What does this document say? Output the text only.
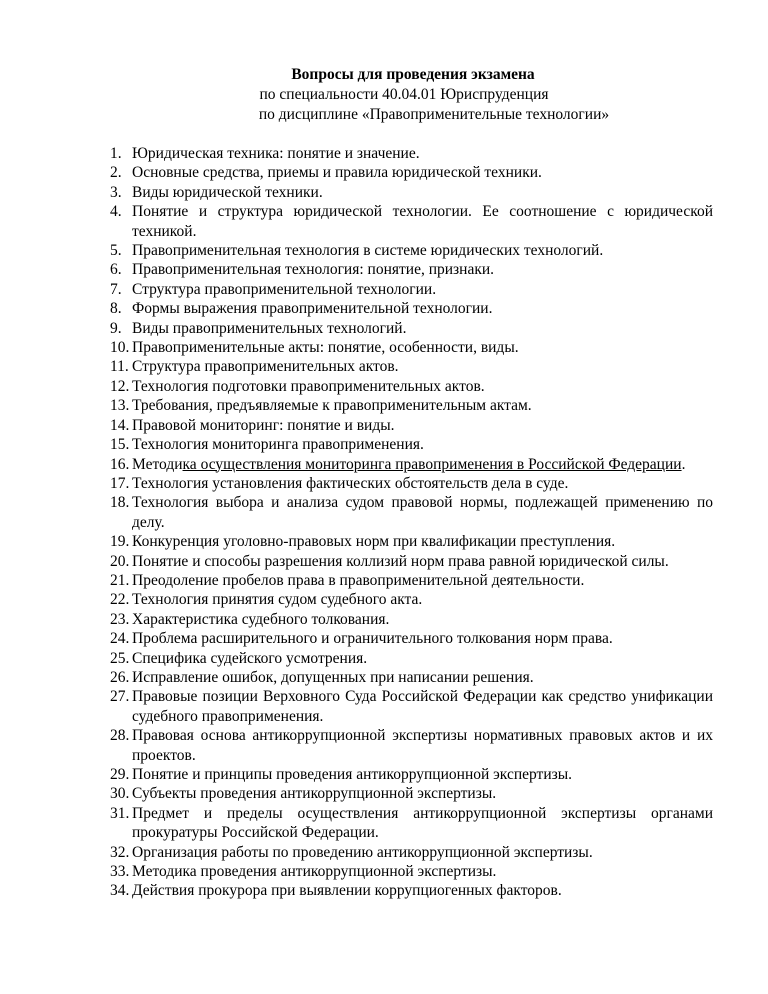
Вопросы для проведения экзамена
по специальности 40.04.01 Юриспруденция
по дисциплине «Правоприменительные технологии»
1. Юридическая техника: понятие и значение.
2. Основные средства, приемы и правила юридической техники.
3. Виды юридической техники.
4. Понятие и структура юридической технологии. Ее соотношение с юридической техникой.
5. Правоприменительная технология в системе юридических технологий.
6. Правоприменительная технология: понятие, признаки.
7. Структура правоприменительной технологии.
8. Формы выражения правоприменительной технологии.
9. Виды правоприменительных технологий.
10. Правоприменительные акты: понятие, особенности, виды.
11. Структура правоприменительных актов.
12. Технология подготовки правоприменительных актов.
13. Требования, предъявляемые к правоприменительным актам.
14. Правовой мониторинг: понятие и виды.
15. Технология мониторинга правоприменения.
16. Методика осуществления мониторинга правоприменения в Российской Федерации.
17. Технология установления фактических обстоятельств дела в суде.
18. Технология выбора и анализа судом правовой нормы, подлежащей применению по делу.
19. Конкуренция уголовно-правовых норм при квалификации преступления.
20. Понятие и способы разрешения коллизий норм права равной юридической силы.
21. Преодоление пробелов права в правоприменительной деятельности.
22. Технология принятия судом судебного акта.
23. Характеристика судебного толкования.
24. Проблема расширительного и ограничительного толкования норм права.
25. Специфика судейского усмотрения.
26. Исправление ошибок, допущенных при написании решения.
27. Правовые позиции Верховного Суда Российской Федерации как средство унификации судебного правоприменения.
28. Правовая основа антикоррупционной экспертизы нормативных правовых актов и их проектов.
29. Понятие и принципы проведения антикоррупционной экспертизы.
30. Субъекты проведения антикоррупционной экспертизы.
31. Предмет и пределы осуществления антикоррупционной экспертизы органами прокуратуры Российской Федерации.
32. Организация работы по проведению антикоррупционной экспертизы.
33. Методика проведения антикоррупционной экспертизы.
34. Действия прокурора при выявлении коррупциогенных факторов.
